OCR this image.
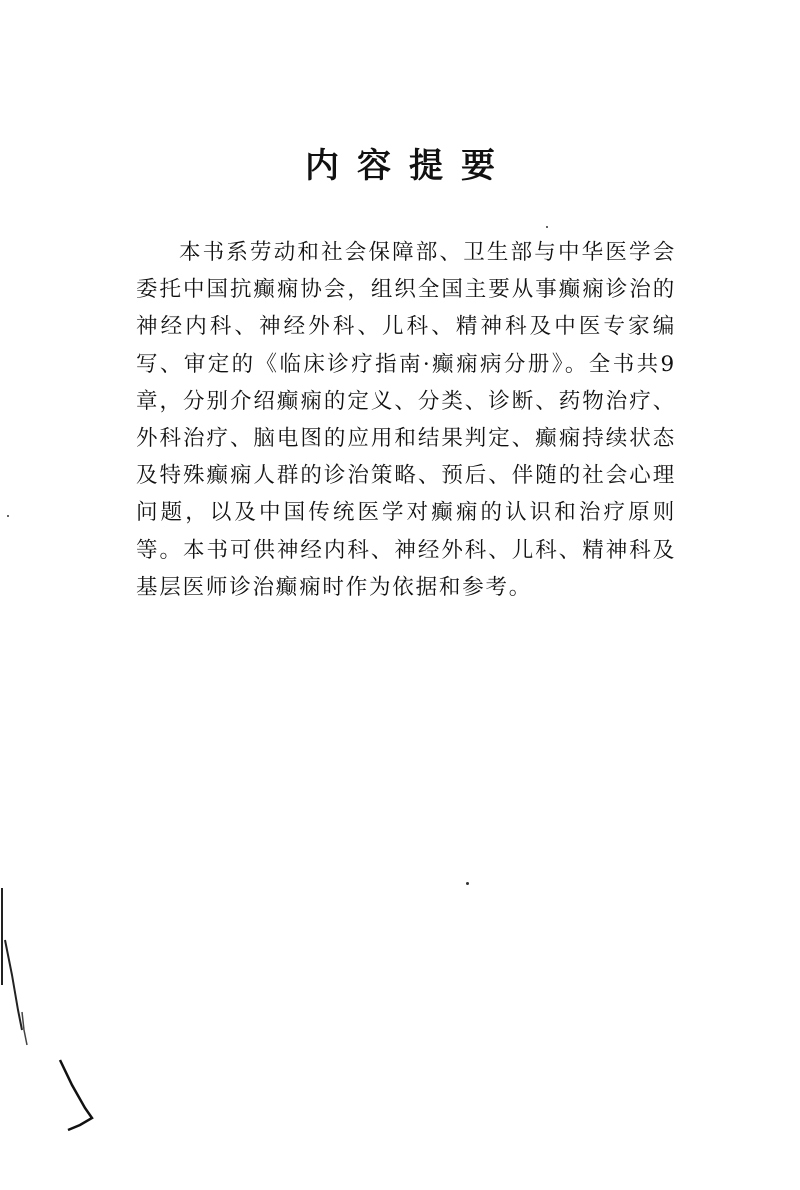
内容提要

本书系劳动和社会保障部、卫生部与中华医学会委托中国抗癫痫协会，组织全国主要从事癫痫诊治的神经内科、神经外科、儿科、精神科及中医专家编写、审定的《临床诊疗指南·癫痫病分册》。全书共9章，分别介绍癫痫的定义、分类、诊断、药物治疗、外科治疗、脑电图的应用和结果判定、癫痫持续状态及特殊癫痫人群的诊治策略、预后、伴随的社会心理问题，以及中国传统医学对癫痫的认识和治疗原则等。本书可供神经内科、神经外科、儿科、精神科及基层医师诊治癫痫时作为依据和参考。
